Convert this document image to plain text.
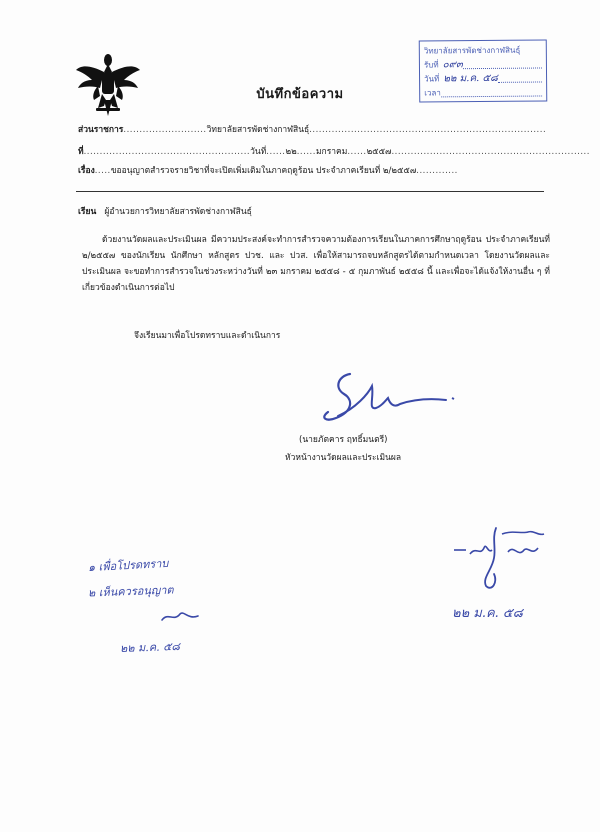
บันทึกข้อความ
วิทยาลัยสารพัดช่างกาฬสินธุ์
รับที่ ๐๙๓
วันที่ ๒๒ ม.ค. ๕๘
เวลา
ส่วนราชการ..........................วิทยาลัยสารพัดช่างกาฬสินธุ์..........................................................................
ที่....................................................วันที่......๒๒......มกราคม......๒๕๕๗..............................................................
เรื่อง.....ขออนุญาตสำรวจรายวิชาที่จะเปิดเพิ่มเติมในภาคฤดูร้อน ประจำภาคเรียนที่ ๒/๒๕๕๗.............
เรียน ผู้อำนวยการวิทยาลัยสารพัดช่างกาฬสินธุ์
ด้วยงานวัดผลและประเมินผล มีความประสงค์จะทำการสำรวจความต้องการเรียนในภาคการศึกษาฤดูร้อน ประจำภาคเรียนที่ ๒/๒๕๕๗ ของนักเรียน นักศึกษา หลักสูตร ปวช. และ ปวส. เพื่อให้สามารถจบหลักสูตรได้ตามกำหนดเวลา โดยงานวัดผลและประเมินผล จะขอทำการสำรวจในช่วงระหว่างวันที่ ๒๓ มกราคม ๒๕๕๘ - ๕ กุมภาพันธ์ ๒๕๕๘ นี้ และเพื่อจะได้แจ้งให้งานอื่น ๆ ที่เกี่ยวข้องดำเนินการต่อไป
จึงเรียนมาเพื่อโปรดทราบและดำเนินการ
(นายภัตคาร ฤทธิ์มนตรี)
หัวหน้างานวัดผลและประเมินผล
๑ เพื่อโปรดทราบ
๒ เห็นควรอนุญาต
๒๒ ม.ค. ๕๘
๒๒ ม.ค. ๕๘
